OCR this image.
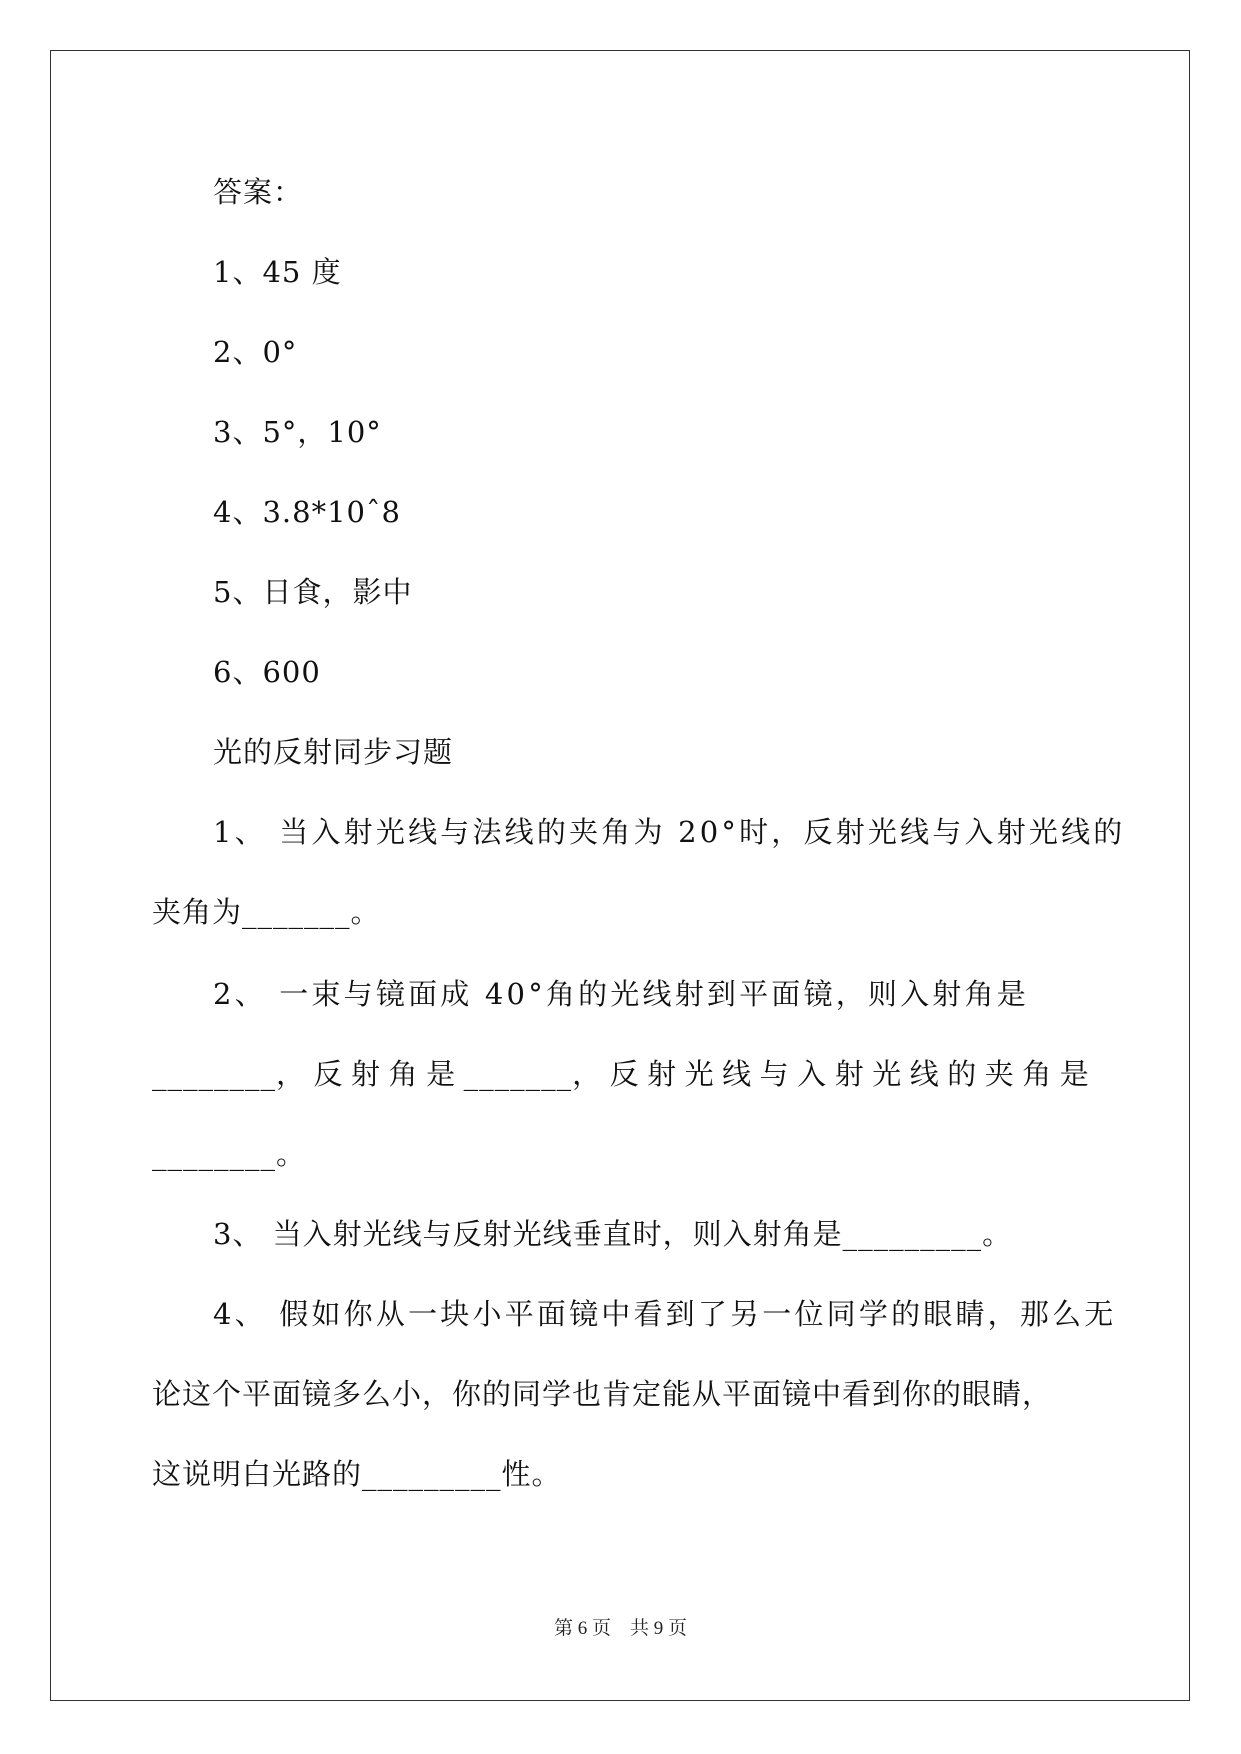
答案：
1、45 度
2、0°
3、5°，10°
4、3.8*10ˆ8
5、日食，影中
6、600
光的反射同步习题
1、 当入射光线与法线的夹角为 20°时，反射光线与入射光线的
夹角为_______。
2、 一束与镜面成 40°角的光线射到平面镜，则入射角是
________， 反 射 角 是 _______， 反 射 光 线 与 入 射 光 线 的 夹 角 是
________。
3、 当入射光线与反射光线垂直时，则入射角是_________。
4、 假如你从一块小平面镜中看到了另一位同学的眼睛，那么无
论这个平面镜多么小，你的同学也肯定能从平面镜中看到你的眼睛，
这说明白光路的_________性。
第 6 页　共 9 页
